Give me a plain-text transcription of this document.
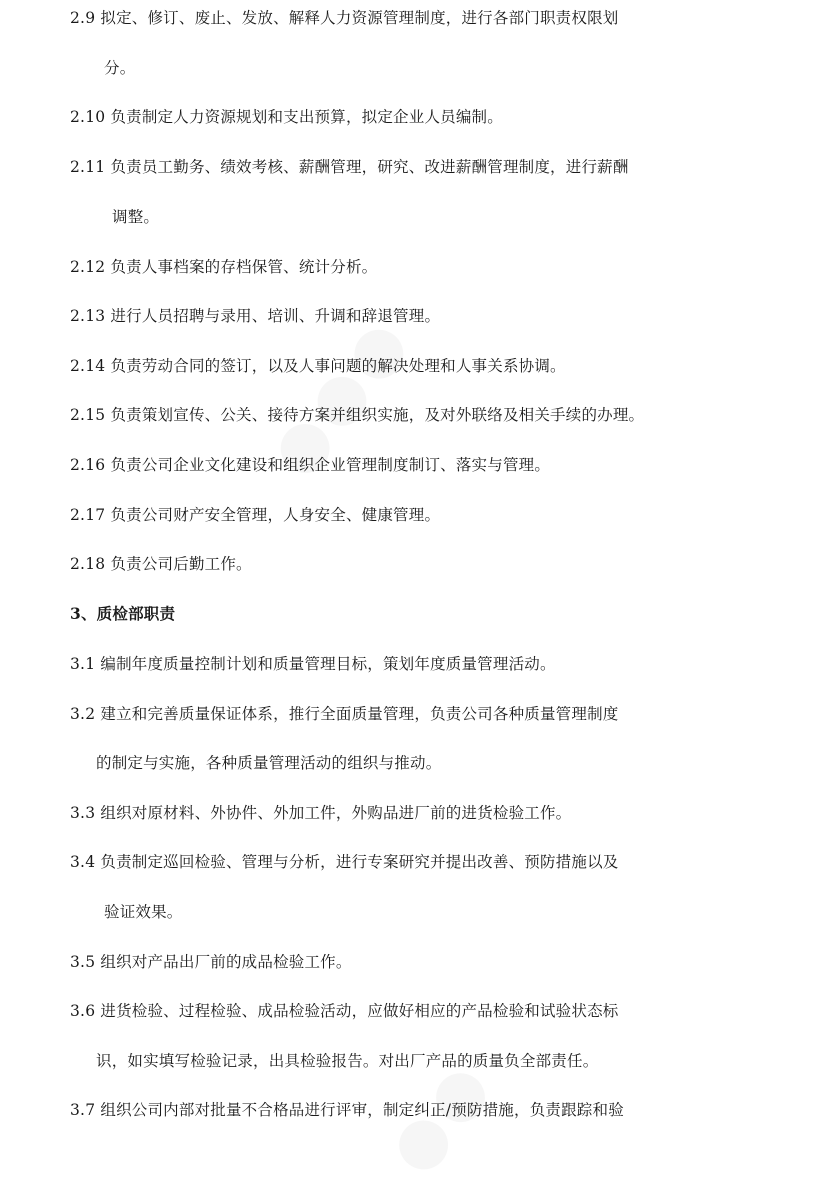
2.9 拟定、修订、废止、发放、解释人力资源管理制度，进行各部门职责权限划
分。
2.10 负责制定人力资源规划和支出预算，拟定企业人员编制。
2.11 负责员工勤务、绩效考核、薪酬管理，研究、改进薪酬管理制度，进行薪酬
调整。
2.12 负责人事档案的存档保管、统计分析。
2.13 进行人员招聘与录用、培训、升调和辞退管理。
2.14 负责劳动合同的签订，以及人事问题的解决处理和人事关系协调。
2.15 负责策划宣传、公关、接待方案并组织实施，及对外联络及相关手续的办理。
2.16 负责公司企业文化建设和组织企业管理制度制订、落实与管理。
2.17 负责公司财产安全管理，人身安全、健康管理。
2.18 负责公司后勤工作。
3、质检部职责
3.1 编制年度质量控制计划和质量管理目标，策划年度质量管理活动。
3.2 建立和完善质量保证体系，推行全面质量管理，负责公司各种质量管理制度
的制定与实施，各种质量管理活动的组织与推动。
3.3 组织对原材料、外协件、外加工件，外购品进厂前的进货检验工作。
3.4 负责制定巡回检验、管理与分析，进行专案研究并提出改善、预防措施以及
验证效果。
3.5 组织对产品出厂前的成品检验工作。
3.6 进货检验、过程检验、成品检验活动，应做好相应的产品检验和试验状态标
识，如实填写检验记录，出具检验报告。对出厂产品的质量负全部责任。
3.7 组织公司内部对批量不合格品进行评审，制定纠正/预防措施，负责跟踪和验
